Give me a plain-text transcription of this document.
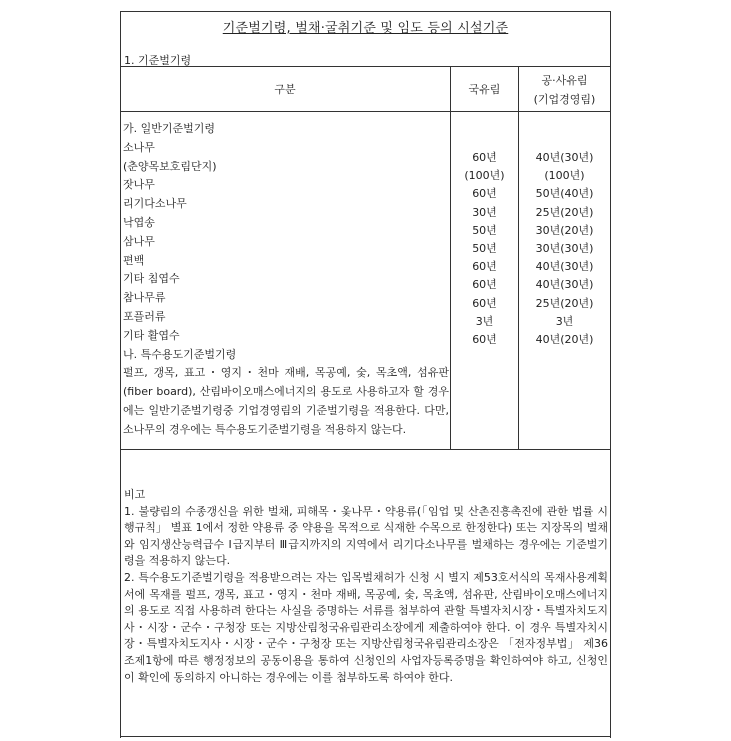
기준벌기령, 벌채·굴취기준 및 임도 등의 시설기준
1. 기준벌기령
구분	국유림
공·사유림
(기업경영림)
가. 일반기준벌기령
소나무
(춘양목보호림단지)
잣나무
리기다소나무
낙엽송
삼나무
편백
기타 침엽수
참나무류
포플러류
기타 활엽수
나. 특수용도기준벌기령
펄프, 갱목, 표고・영지・천마 재배, 목공예, 숯, 목초액, 섬유판(fiber board), 산림바이오매스에너지의 용도로 사용하고자 할 경우에는 일반기준벌기령중 기업경영림의 기준벌기령을 적용한다. 다만, 소나무의 경우에는 특수용도기준벌기령을 적용하지 않는다.
60년
(100년)
60년
30년
50년
50년
60년
60년
60년
3년
60년
40년(30년)
(100년)
50년(40년)
25년(20년)
30년(20년)
30년(30년)
40년(30년)
40년(30년)
25년(20년)
3년
40년(20년)
비고
1. 불량림의 수종갱신을 위한 벌채, 피해목・옻나무・약용류(「임업 및 산촌진흥촉진에 관한 법률 시행규칙」 별표 1에서 정한 약용류 중 약용을 목적으로 식재한 수목으로 한정한다) 또는 지장목의 벌채와 임지생산능력급수 Ⅰ급지부터 Ⅲ급지까지의 지역에서 리기다소나무를 벌채하는 경우에는 기준벌기령을 적용하지 않는다.
2. 특수용도기준벌기령을 적용받으려는 자는 입목벌채허가 신청 시 별지 제53호서식의 목재사용계획서에 목재를 펄프, 갱목, 표고・영지・천마 재배, 목공예, 숯, 목초액, 섬유판, 산림바이오매스에너지의 용도로 직접 사용하려 한다는 사실을 증명하는 서류를 첨부하여 관할 특별자치시장・특별자치도지사・시장・군수・구청장 또는 지방산림청국유림관리소장에게 제출하여야 한다. 이 경우 특별자치시장・특별자치도지사・시장・군수・구청장 또는 지방산림청국유림관리소장은 「전자정부법」 제36조제1항에 따른 행정정보의 공동이용을 통하여 신청인의 사업자등록증명을 확인하여야 하고, 신청인이 확인에 동의하지 아니하는 경우에는 이를 첨부하도록 하여야 한다.
